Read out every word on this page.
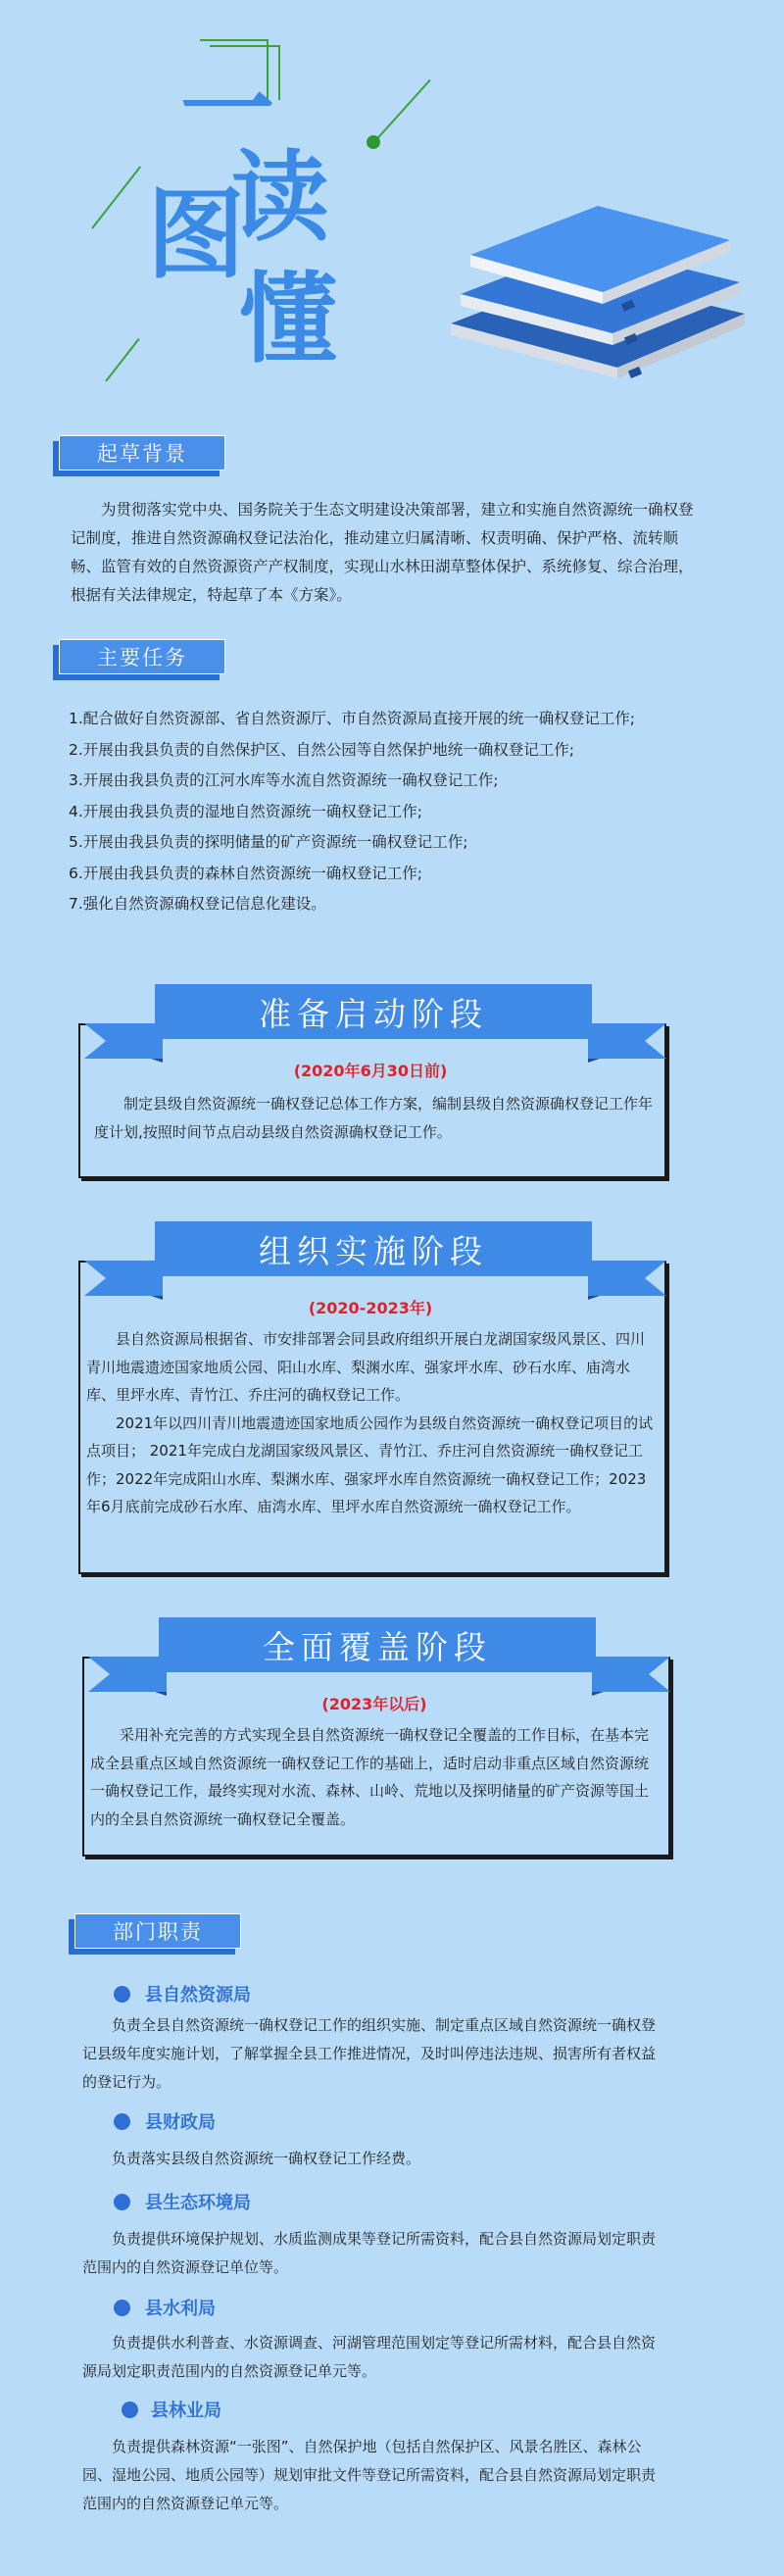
一
图
读
懂
起草背景

为贯彻落实党中央、国务院关于生态文明建设决策部署，建立和实施自然资源统一确权登记制度，推进自然资源确权登记法治化，推动建立归属清晰、权责明确、保护严格、流转顺畅、监管有效的自然资源资产产权制度，实现山水林田湖草整体保护、系统修复、综合治理，根据有关法律规定，特起草了本《方案》。

主要任务
1.配合做好自然资源部、省自然资源厅、市自然资源局直接开展的统一确权登记工作;
2.开展由我县负责的自然保护区、自然公园等自然保护地统一确权登记工作;
3.开展由我县负责的江河水库等水流自然资源统一确权登记工作;
4.开展由我县负责的湿地自然资源统一确权登记工作;
5.开展由我县负责的探明储量的矿产资源统一确权登记工作;
6.开展由我县负责的森林自然资源统一确权登记工作;
7.强化自然资源确权登记信息化建设。
准备启动阶段
(2020年6月30日前)

制定县级自然资源统一确权登记总体工作方案，编制县级自然资源确权登记工作年度计划,按照时间节点启动县级自然资源确权登记工作。

组织实施阶段
(2020-2023年)

县自然资源局根据省、市安排部署会同县政府组织开展白龙湖国家级风景区、四川青川地震遗迹国家地质公园、阳山水库、梨渊水库、强家坪水库、砂石水库、庙湾水库、里坪水库、青竹江、乔庄河的确权登记工作。

2021年以四川青川地震遗迹国家地质公园作为县级自然资源统一确权登记项目的试点项目； 2021年完成白龙湖国家级风景区、青竹江、乔庄河自然资源统一确权登记工作；2022年完成阳山水库、梨渊水库、强家坪水库自然资源统一确权登记工作；2023年6月底前完成砂石水库、庙湾水库、里坪水库自然资源统一确权登记工作。

全面覆盖阶段
(2023年以后)

采用补充完善的方式实现全县自然资源统一确权登记全覆盖的工作目标，在基本完成全县重点区域自然资源统一确权登记工作的基础上，适时启动非重点区域自然资源统一确权登记工作，最终实现对水流、森林、山岭、荒地以及探明储量的矿产资源等国土内的全县自然资源统一确权登记全覆盖。

部门职责
县自然资源局

负责全县自然资源统一确权登记工作的组织实施、制定重点区域自然资源统一确权登记县级年度实施计划，了解掌握全县工作推进情况，及时叫停违法违规、损害所有者权益的登记行为。

县财政局

负责落实县级自然资源统一确权登记工作经费。

县生态环境局

负责提供环境保护规划、水质监测成果等登记所需资料，配合县自然资源局划定职责范围内的自然资源登记单位等。

县水利局

负责提供水利普查、水资源调查、河湖管理范围划定等登记所需材料，配合县自然资源局划定职责范围内的自然资源登记单元等。

县林业局

负责提供森林资源“一张图”、自然保护地（包括自然保护区、风景名胜区、森林公园、湿地公园、地质公园等）规划审批文件等登记所需资料，配合县自然资源局划定职责范围内的自然资源登记单元等。
